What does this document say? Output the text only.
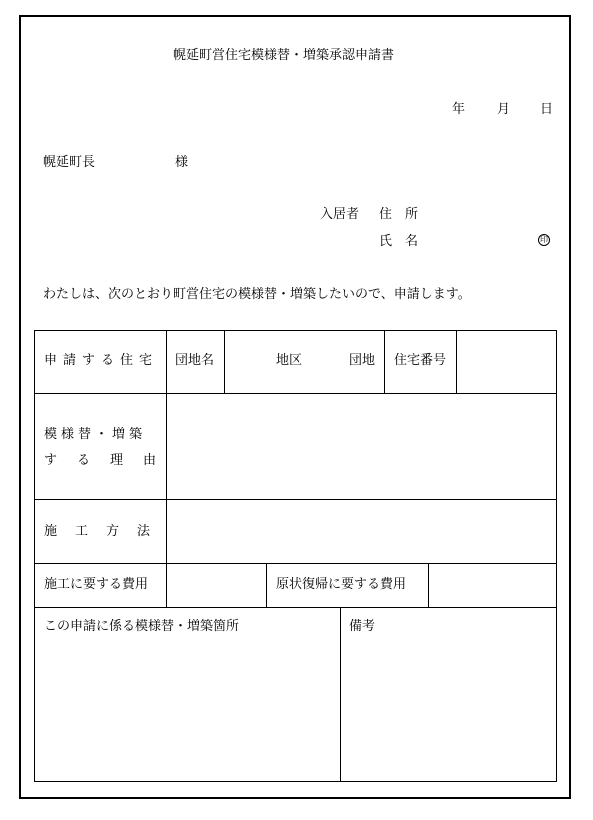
幌延町営住宅模様替・増築承認申請書
年 月 日
幌延町長	様
入居者 住　所
氏　名	印
わたしは、次のとおり町営住宅の模様替・増築したいので、申請します。
申請する住宅 団地名	地区	団地 住宅番号
模様替・増築
する理由
施工方法
施工に要する費用	原状復帰に要する費用
この申請に係る模様替・増築箇所	備考
